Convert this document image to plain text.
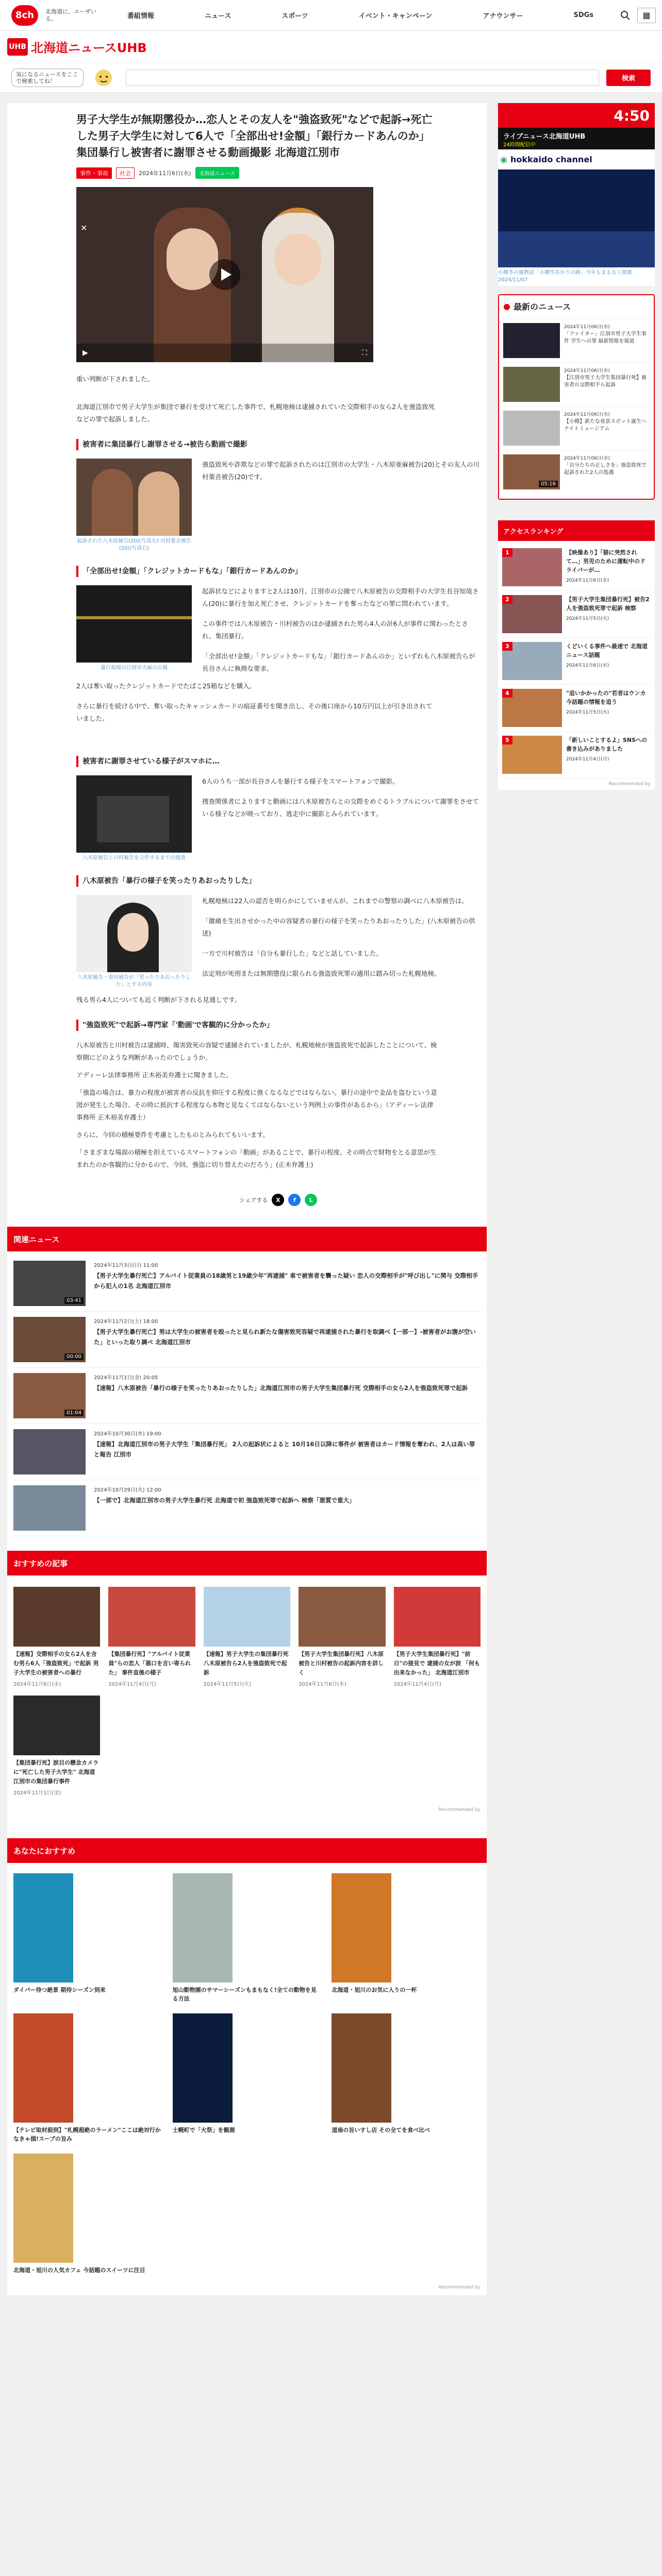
8ch	北海道に、ユーザいる。	番組情報	ニュース	スポーツ	イベント・キャンペーン	アナウンサー	SDGs	▦
UHB 北海道ニュースUHB
気になるニュースをここで検索してね！	検索
男子大学生が無期懲役か…恋人とその友人を"強盗致死"などで起訴→死亡した男子大学生に対して6人で「全部出せ!金額」「銀行カードあんのか」集団暴行し被害者に謝罪させる動画撮影 北海道江別市
事件・事故	社会	2024年11月6日(水)	北海道ニュース
✕
▶	⛶

重い判断が下されました。

北海道江別市で男子大学生が集団で暴行を受けて死亡した事件で、札幌地検は逮捕されていた交際相手の女ら2人を強盗致死などの罪で起訴しました。

被害者に集団暴行し謝罪させる→被告ら動画で撮影
起訴された八木原被告(20)(写真左) 川村葉音被告(20)(写真右)

強盗致死や詐欺などの罪で起訴されたのは江別市の大学生・八木原亜麻被告(20)とその友人の川村葉音被告(20)です。

「全部出せ!金額」「クレジットカードもな」「銀行カードあんのか」
暴行現場の江別市大麻の公園

起訴状などによりますと2人は10月、江別市の公園で八木原被告の交際相手の大学生長谷知哉さん(20)に暴行を加え死亡させ、クレジットカードを奪ったなどの罪に問われています。

この事件では八木原被告・川村被告のほか逮捕された男ら4人の計6人が事件に関わったとされ、集団暴行。

「全部出せ!金額」「クレジットカードもな」「銀行カードあんのか」といずれも八木原被告らが長谷さんに執拗な要求。

2人は奪い取ったクレジットカードでたばこ25箱などを購入。

さらに暴行を続ける中で、奪い取ったキャッシュカードの暗証番号を聞き出し、その後口座から10万円以上が引き出されていました。

被害者に謝罪させている様子がスマホに…
八木原被告と川村被告を立件するまでの捜査

6人のうち一部が長谷さんを暴行する様子をスマートフォンで撮影。

捜査関係者によりますと動画には八木原被告らとの交際をめぐるトラブルについて謝罪をさせている様子などが映っており、逃走中に撮影とみられています。

八木原被告「暴行の様子を笑ったりあおったりした」
八木原被告・春田被告が「笑ったりあおったりした」とする内容

札幌地検は22人の認否を明らかにしていませんが、これまでの警察の調べに八木原被告は。

「激痛を生出させかった中の容疑者の暴行の様子を笑ったりあおったりした」(八木原被告の供述)

一方で川村被告は「自分も暴行した」などと話していました。

法定刑が死刑または無期懲役に限られる強盗致死罪の適用に踏み切った札幌地検。

残る男ら4人についても近く判断が下される見通しです。

"強盗致死"で起訴→専門家「'動画'で客観的に分かったか」

八木原被告と川村被告は逮捕時、傷害致死の容疑で逮捕されていましたが、札幌地検が強盗致死で起訴したことについて、検察側にどのような判断があったのでしょうか。

アディーレ法律事務所 正木裕美弁護士に聞きました。

「強盗の場合は、暴力の程度が被害者の反抗を抑圧する程度に強くなるなどではならない。暴行の途中で金品を盗むという意図が発生した場合、その時に抵抗する程度なら本物と見なくてはならないという判例上の事件があるから」（アディーレ法律事務所 正木裕美弁護士）

さらに、今回の積極要件を考慮としたものとみられてもいいます。

「さまざまな場面の積極を担えているスマートフォンの「動画」があることで、暴行の程度、その時点で財物をとる意思が生まれたのか客観的に分かるので、今回、強盗に切り替えたのだろう」(正木弁護士)

シェアする	X	f	L
関連ニュース
03:41
2024年11月3日(日) 11:00
【男子大学生暴行死亡】アルバイト従業員の18歳男と19歳少年"再逮捕" 車で被害者を襲った疑い 恋人の交際相手が"呼び出し"に関与 交際相手から犯人の1名 北海道江別市
00:00
2024年11月2日(土) 18:00
【男子大学生暴行死亡】男は大学生の被害者を殴ったと見られ新たな傷害致死容疑で再逮捕された暴行を取調べ【一部一】-被害者がお腹が空いた」といった取り調べ 北海道江別市
01:04
2024年11月1日(金) 20:05
【速報】八木原被告「暴行の様子を笑ったりあおったりした」北海道江別市の男子大学生集団暴行死 交際相手の女ら2人を強盗致死罪で起訴
2024年10月30日(水) 19:00
【速報】北海道江別市の男子大学生「集団暴行死」 2人の起訴状によると 10月16日以降に事件が 被害者はカード情報を奪われ、2人は高い罪と報告 江別市
2024年10月29日(火) 12:00
【一部で】北海道江別市の男子大学生暴行死 北海道で初 強盗致死罪で起訴へ 検察「悪質で重大」
おすすめの記事
【速報】交際相手の女ら2人を含む男ら6人「強盗致死」で起訴 男子大学生の被害者への暴行
2024年11月6日(水)
【集団暴行死】"アルバイト従業員"らの恋人「悪口を言い寄られた」 事件直後の様子
2024年11月4日(月)
【速報】男子大学生の集団暴行死 八木原被告ら2人を強盗致死で起訴
2024年11月5日(火)
【男子大学生集団暴行死】八木原被告と川村被告の起訴内容を詳しく
2024年11月6日(水)
【男子大学生集団暴行死】"前日"の接見で 逮捕の女が涙 「何も出来なかった」 北海道江別市
2024年11月4日(月)
【集団暴行死】涙目の懸念カメラに"死亡した男子大学生" 北海道江別市の集団暴行事件
2024年11月1日(金)
Recommended by
あなたにおすすめ
ダイバー待つ絶景 期待シーズン到来	旭山動物園のサマーシーズンもまもなく!全ての動物を見る方法
北海道・旭川のお気に入りの一杯
【テレビ取材殺到】"札幌超絶のラーメン"ここは絶対行かなきゃ損!スープの旨み
士幌町で「火祭」を観測	道南の旨いすし店 その全てを食べ比べ
北海道・旭川の人気カフェ 今話題のスイーツに注目
Recommended by
4:50
ライブニュース北海道UHB
24時間配信中
◉ hokkaido channel
小樽冬の風物詩「小樽雪あかりの路」今年もまもなく開幕 2024/11/07
● 最新のニュース
2024年11月06日(水)
「ファイター」江別市男子大学生事件 学生への罪 最新情報を報道
2024年11月06日(水)
【江別市男子大学生集団暴行死】被害者の交際相手ら起訴
2024年11月06日(水)
【小樽】新たな夜景スポット誕生へ ナイトミュージアム
05:16
2024年11月06日(水)
「自分たちの正しさを」強盗致死で起訴された2人の処遇
アクセスランキング
1	【映像あり】「猫に突然されて…」男児のために運転中のドライバーが…
2024年11月6日(水)
2	【男子大学生集団暴行死】被告2人を強盗致死罪で起訴 検察
2024年11月5日(火)
3	くどいくる事件へ最速で 北海道ニュース話題
2024年11月6日(水)
4	"追いかかったの"若者はウンカ 今話題の情報を追う
2024年11月5日(火)
5	「新しいことするよ」SNSへの書き込みがありました
2024年11月4日(月)
Recommended by
